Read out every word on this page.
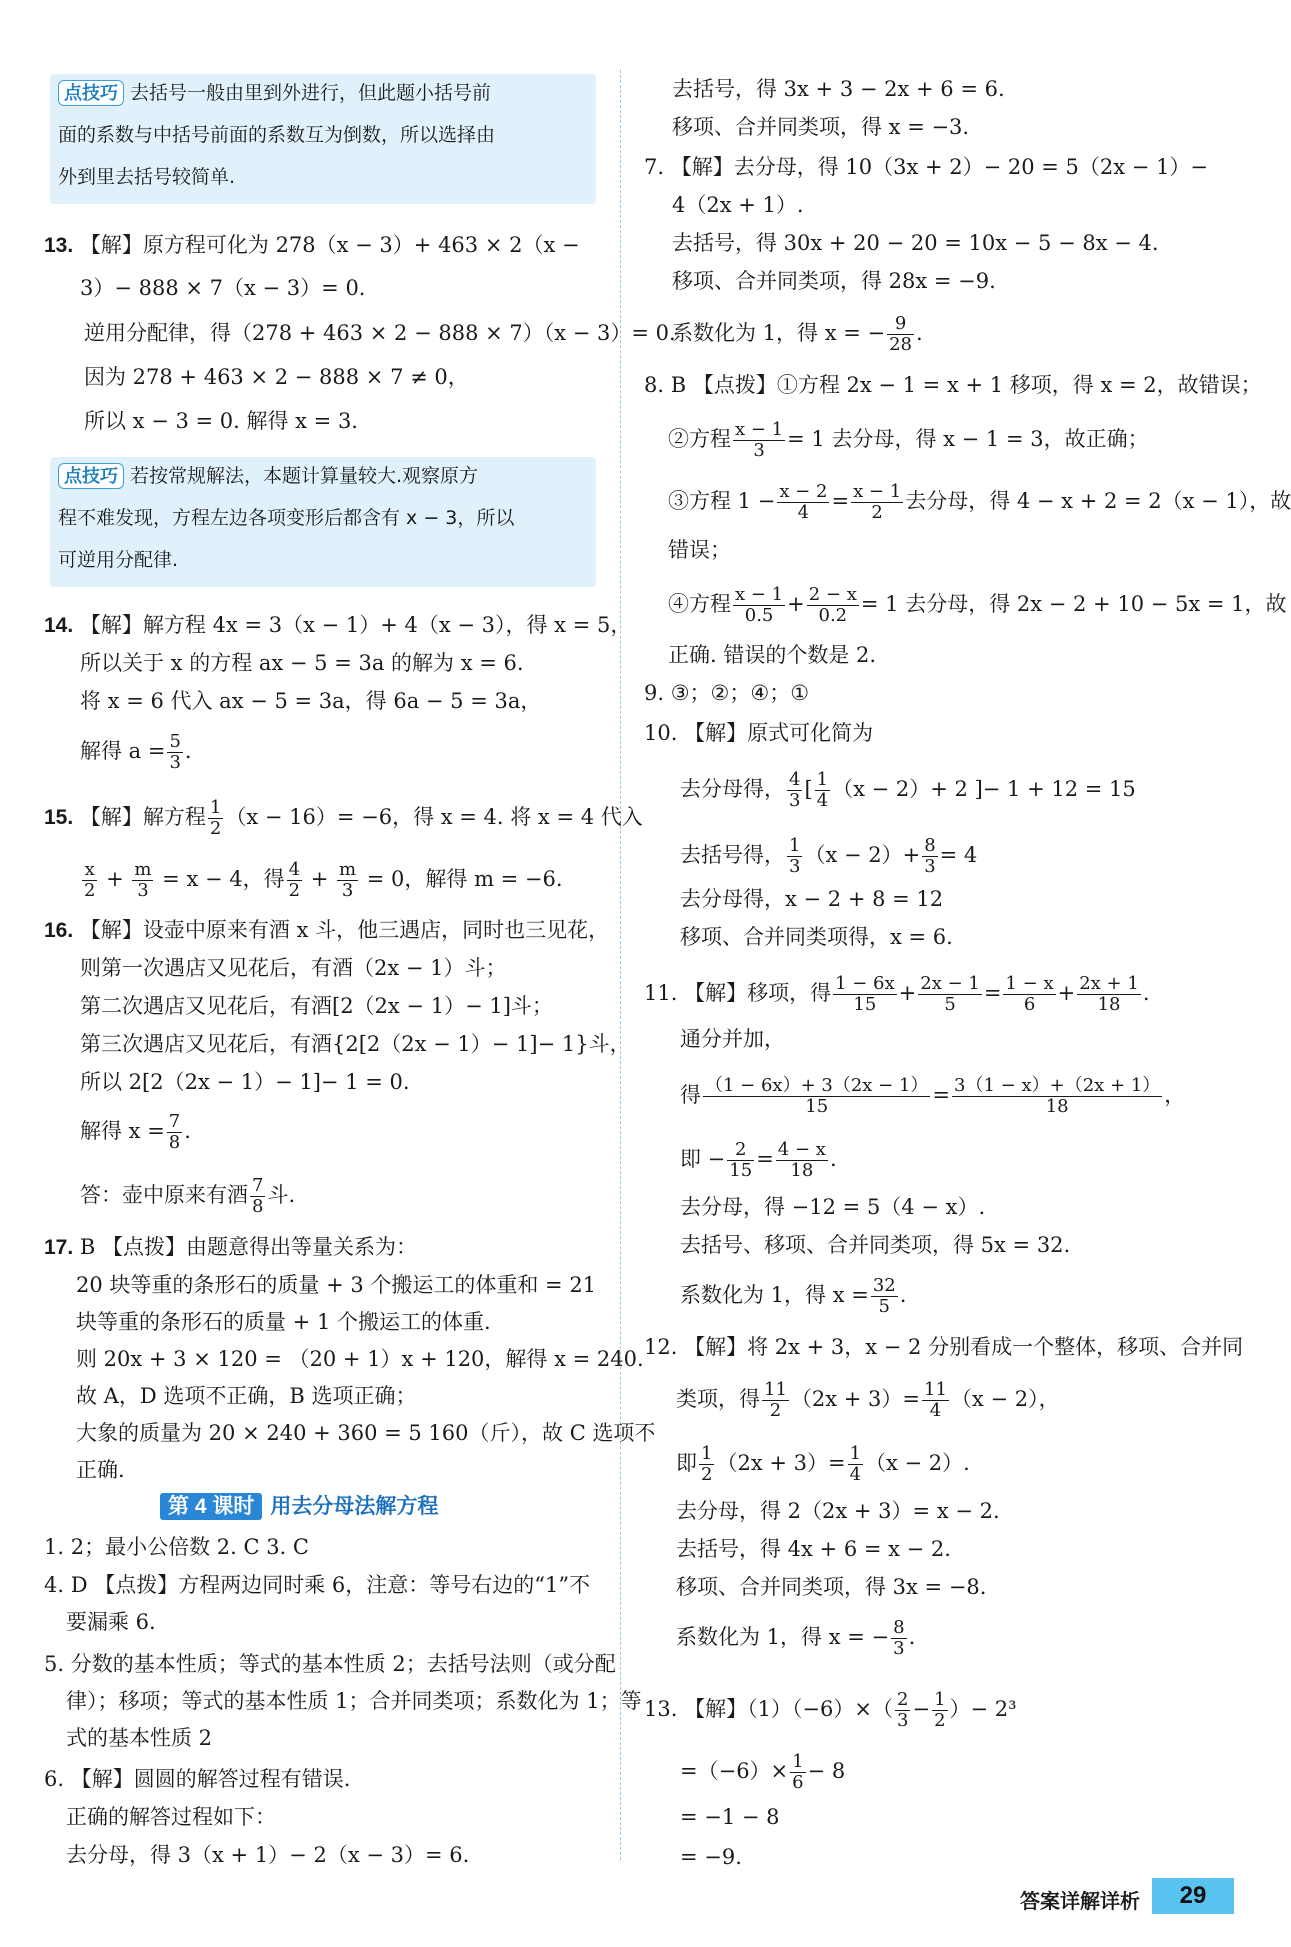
点技巧 去括号一般由里到外进行，但此题小括号前
面的系数与中括号前面的系数互为倒数，所以选择由
外到里去括号较简单.
13. 【解】原方程可化为 278（x − 3）+ 463 × 2（x −
3）− 888 × 7（x − 3）= 0.
逆用分配律，得（278 + 463 × 2 − 888 × 7）（x − 3）= 0.
因为 278 + 463 × 2 − 888 × 7 ≠ 0，
所以 x − 3 = 0. 解得 x = 3.
点技巧 若按常规解法，本题计算量较大.观察原方
程不难发现，方程左边各项变形后都含有 x − 3，所以
可逆用分配律.
14. 【解】解方程 4x = 3（x − 1）+ 4（x − 3），得 x = 5，
所以关于 x 的方程 ax − 5 = 3a 的解为 x = 6.
将 x = 6 代入 ax − 5 = 3a，得 6a − 5 = 3a，
解得 $a = \frac{5}{3}$ .
15. 【解】解方程 $\frac{1}{2} (x - 16)= -6$，得 x = 4. 将 x = 4 代入
$\frac{x}{2} + \frac{m}{3} = x - 4$，得 $\frac{4}{2} + \frac{m}{3} = 0$，解得 m = −6.
16. 【解】设壶中原来有酒 x 斗，他三遇店，同时也三见花，
则第一次遇店又见花后，有酒（2x − 1）斗；
第二次遇店又见花后，有酒[2（2x − 1）− 1]斗；
第三次遇店又见花后，有酒{2[2（2x − 1）− 1]− 1}斗，
所以 2[2（2x − 1）− 1]− 1 = 0.
解得 $x = \frac{7}{8}$ .
答：壶中原来有酒 $\frac{7}{8}$ 斗.
17. B 【点拨】由题意得出等量关系为：
20 块等重的条形石的质量 + 3 个搬运工的体重和 = 21
块等重的条形石的质量 + 1 个搬运工的体重.
则 20x + 3 × 120 = （20 + 1）x + 120，解得 x = 240.
故 A，D 选项不正确，B 选项正确；
大象的质量为 20 × 240 + 360 = 5 160（斤），故 C 选项不
正确.
第 4 课时 用去分母法解方程
1. 2；最小公倍数 2. C 3. C
4. D 【点拨】方程两边同时乘 6，注意：等号右边的“1”不
要漏乘 6.
5. 分数的基本性质；等式的基本性质 2；去括号法则（或分配
律）；移项；等式的基本性质 1；合并同类项；系数化为 1；等
式的基本性质 2
6. 【解】圆圆的解答过程有错误.
正确的解答过程如下：
去分母，得 3（x + 1）− 2（x − 3）= 6.
去括号，得 3x + 3 − 2x + 6 = 6.
移项、合并同类项，得 x = −3.
7. 【解】去分母，得 10（3x + 2）− 20 = 5（2x − 1）−
4（2x + 1）.
去括号，得 30x + 20 − 20 = 10x − 5 − 8x − 4.
移项、合并同类项，得 28x = −9.
系数化为 1，得 x = − $\frac{9}{28}$ .
8. B 【点拨】①方程 2x − 1 = x + 1 移项，得 x = 2，故错误；
②方程 $\frac{x - 1}{3} = 1$ 去分母，得 x − 1 = 3，故正确；
③方程 $1 - \frac{x - 2}{4} = \frac{x - 1}{2}$ 去分母，得 4 − x + 2 = 2（x − 1），故
错误；
④方程 $\frac{x - 1}{0.5} + \frac{2 - x}{0.2} = 1$ 去分母，得 2x − 2 + 10 − 5x = 1，故
正确. 错误的个数是 2.
9. ③；②；④；①
10. 【解】原式可化简为
去分母得， $\frac{4}{3}$ [ $\frac{1}{4} (x - 2)+ 2$ ]− 1 + 12 = 15
去括号得， $\frac{1}{3} (x - 2)+ \frac{8}{3} = 4$
去分母得，x − 2 + 8 = 12
移项、合并同类项得，x = 6.
11. 【解】移项，得 $\frac{1 - 6x}{15} + \frac{2x - 1}{5} = \frac{1 - x}{6} + \frac{2x + 1}{18}$ .
通分并加，
得 $\frac{(1 - 6x)+ 3(2x - 1)}{15} = \frac{3(1 - x)+(2x + 1)}{18}$ ，
即 − $\frac{2}{15} = \frac{4 - x}{18}$ .
去分母，得 −12 = 5（4 − x）.
去括号、移项、合并同类项，得 5x = 32.
系数化为 1，得 $x = \frac{32}{5}$ .
12. 【解】将 2x + 3，x − 2 分别看成一个整体，移项、合并同
类项，得 $\frac{11}{2} (2x + 3)= \frac{11}{4} (x - 2)$，
即 $\frac{1}{2} (2x + 3)= \frac{1}{4} (x - 2)$.
去分母，得 2（2x + 3）= x − 2.
去括号，得 4x + 6 = x − 2.
移项、合并同类项，得 3x = −8.
系数化为 1，得 x = − $\frac{8}{3}$ .
13. 【解】$(1)(-6)\times( \frac{2}{3} - \frac{1}{2}$ ）− 2³
$=(-6)\times \frac{1}{6} - 8$
= −1 − 8
= −9.
答案详解详析	29
